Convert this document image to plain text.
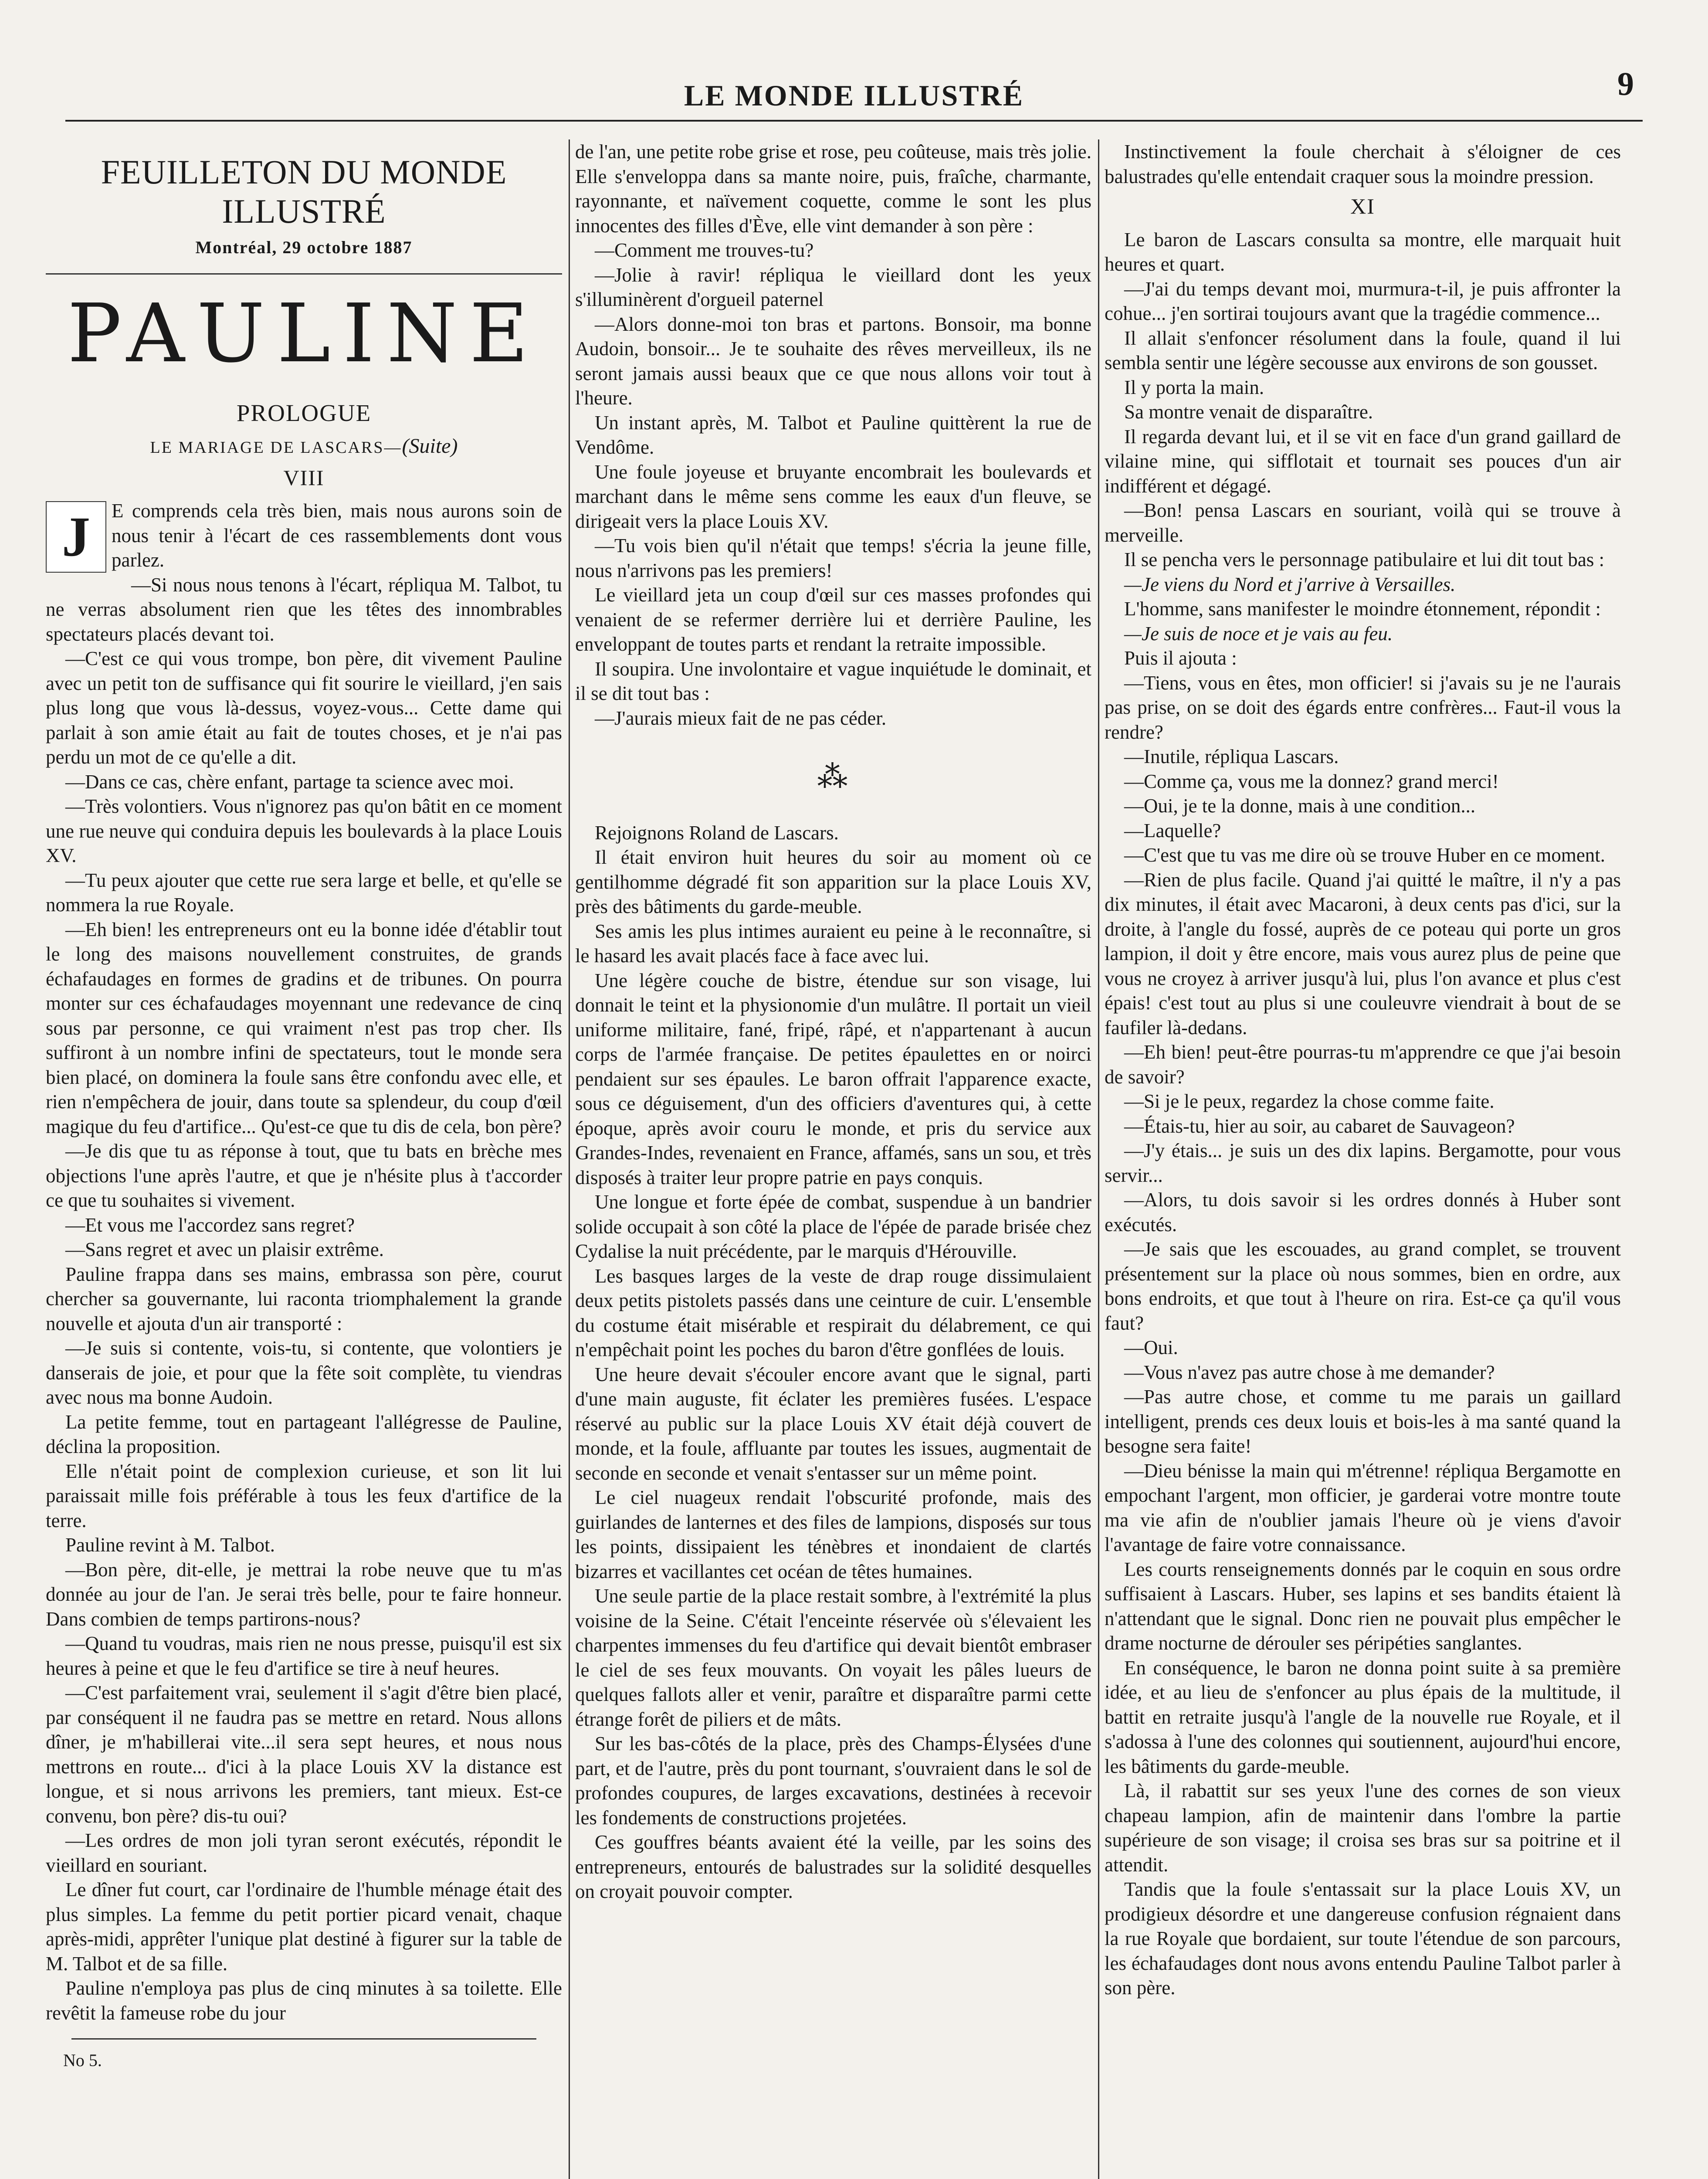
LE MONDE ILLUSTRÉ	9
FEUILLETON DU MONDE ILLUSTRÉ
Montréal, 29 octobre 1887
PAULINE
PROLOGUE
LE MARIAGE DE LASCARS—(Suite)
VIII
J	E comprends cela très bien, mais nous aurons soin de nous tenir à l'écart de ces rassemblements dont vous parlez.

—Si nous nous tenons à l'écart, répliqua M. Talbot, tu ne verras absolument rien que les têtes des innombrables spectateurs placés devant toi.

—C'est ce qui vous trompe, bon père, dit vivement Pauline avec un petit ton de suffisance qui fit sourire le vieillard, j'en sais plus long que vous là-dessus, voyez-vous... Cette dame qui parlait à son amie était au fait de toutes choses, et je n'ai pas perdu un mot de ce qu'elle a dit.

—Dans ce cas, chère enfant, partage ta science avec moi.

—Très volontiers. Vous n'ignorez pas qu'on bâtit en ce moment une rue neuve qui conduira depuis les boulevards à la place Louis XV.

—Tu peux ajouter que cette rue sera large et belle, et qu'elle se nommera la rue Royale.

—Eh bien! les entrepreneurs ont eu la bonne idée d'établir tout le long des maisons nouvellement construites, de grands échafaudages en formes de gradins et de tribunes. On pourra monter sur ces échafaudages moyennant une redevance de cinq sous par personne, ce qui vraiment n'est pas trop cher. Ils suffiront à un nombre infini de spectateurs, tout le monde sera bien placé, on dominera la foule sans être confondu avec elle, et rien n'empêchera de jouir, dans toute sa splendeur, du coup d'œil magique du feu d'artifice... Qu'est-ce que tu dis de cela, bon père?

—Je dis que tu as réponse à tout, que tu bats en brèche mes objections l'une après l'autre, et que je n'hésite plus à t'accorder ce que tu souhaites si vivement.

—Et vous me l'accordez sans regret?

—Sans regret et avec un plaisir extrême.

Pauline frappa dans ses mains, embrassa son père, courut chercher sa gouvernante, lui raconta triomphalement la grande nouvelle et ajouta d'un air transporté :

—Je suis si contente, vois-tu, si contente, que volontiers je danserais de joie, et pour que la fête soit complète, tu viendras avec nous ma bonne Audoin.

La petite femme, tout en partageant l'allégresse de Pauline, déclina la proposition.

Elle n'était point de complexion curieuse, et son lit lui paraissait mille fois préférable à tous les feux d'artifice de la terre.

Pauline revint à M. Talbot.

—Bon père, dit-elle, je mettrai la robe neuve que tu m'as donnée au jour de l'an. Je serai très belle, pour te faire honneur. Dans combien de temps partirons-nous?

—Quand tu voudras, mais rien ne nous presse, puisqu'il est six heures à peine et que le feu d'artifice se tire à neuf heures.

—C'est parfaitement vrai, seulement il s'agit d'être bien placé, par conséquent il ne faudra pas se mettre en retard. Nous allons dîner, je m'habillerai vite...il sera sept heures, et nous nous mettrons en route... d'ici à la place Louis XV la distance est longue, et si nous arrivons les premiers, tant mieux. Est-ce convenu, bon père? dis-tu oui?

—Les ordres de mon joli tyran seront exécutés, répondit le vieillard en souriant.

Le dîner fut court, car l'ordinaire de l'humble ménage était des plus simples. La femme du petit portier picard venait, chaque après-midi, apprêter l'unique plat destiné à figurer sur la table de M. Talbot et de sa fille.

Pauline n'employa pas plus de cinq minutes à sa toilette. Elle revêtit la fameuse robe du jour

No 5.

de l'an, une petite robe grise et rose, peu coûteuse, mais très jolie. Elle s'enveloppa dans sa mante noire, puis, fraîche, charmante, rayonnante, et naïvement coquette, comme le sont les plus innocentes des filles d'Ève, elle vint demander à son père :

—Comment me trouves-tu?

—Jolie à ravir! répliqua le vieillard dont les yeux s'illuminèrent d'orgueil paternel

—Alors donne-moi ton bras et partons. Bonsoir, ma bonne Audoin, bonsoir... Je te souhaite des rêves merveilleux, ils ne seront jamais aussi beaux que ce que nous allons voir tout à l'heure.

Un instant après, M. Talbot et Pauline quittèrent la rue de Vendôme.

Une foule joyeuse et bruyante encombrait les boulevards et marchant dans le même sens comme les eaux d'un fleuve, se dirigeait vers la place Louis XV.

—Tu vois bien qu'il n'était que temps! s'écria la jeune fille, nous n'arrivons pas les premiers!

Le vieillard jeta un coup d'œil sur ces masses profondes qui venaient de se refermer derrière lui et derrière Pauline, les enveloppant de toutes parts et rendant la retraite impossible.

Il soupira. Une involontaire et vague inquiétude le dominait, et il se dit tout bas :

—J'aurais mieux fait de ne pas céder.

⁂

Rejoignons Roland de Lascars.

Il était environ huit heures du soir au moment où ce gentilhomme dégradé fit son apparition sur la place Louis XV, près des bâtiments du garde-meuble.

Ses amis les plus intimes auraient eu peine à le reconnaître, si le hasard les avait placés face à face avec lui.

Une légère couche de bistre, étendue sur son visage, lui donnait le teint et la physionomie d'un mulâtre. Il portait un vieil uniforme militaire, fané, fripé, râpé, et n'appartenant à aucun corps de l'armée française. De petites épaulettes en or noirci pendaient sur ses épaules. Le baron offrait l'apparence exacte, sous ce déguisement, d'un des officiers d'aventures qui, à cette époque, après avoir couru le monde, et pris du service aux Grandes-Indes, revenaient en France, affamés, sans un sou, et très disposés à traiter leur propre patrie en pays conquis.

Une longue et forte épée de combat, suspendue à un bandrier solide occupait à son côté la place de l'épée de parade brisée chez Cydalise la nuit précédente, par le marquis d'Hérouville.

Les basques larges de la veste de drap rouge dissimulaient deux petits pistolets passés dans une ceinture de cuir. L'ensemble du costume était misérable et respirait du délabrement, ce qui n'empêchait point les poches du baron d'être gonflées de louis.

Une heure devait s'écouler encore avant que le signal, parti d'une main auguste, fit éclater les premières fusées. L'espace réservé au public sur la place Louis XV était déjà couvert de monde, et la foule, affluante par toutes les issues, augmentait de seconde en seconde et venait s'entasser sur un même point.

Le ciel nuageux rendait l'obscurité profonde, mais des guirlandes de lanternes et des files de lampions, disposés sur tous les points, dissipaient les ténèbres et inondaient de clartés bizarres et vacillantes cet océan de têtes humaines.

Une seule partie de la place restait sombre, à l'extrémité la plus voisine de la Seine. C'était l'enceinte réservée où s'élevaient les charpentes immenses du feu d'artifice qui devait bientôt embraser le ciel de ses feux mouvants. On voyait les pâles lueurs de quelques fallots aller et venir, paraître et disparaître parmi cette étrange forêt de piliers et de mâts.

Sur les bas-côtés de la place, près des Champs-Élysées d'une part, et de l'autre, près du pont tournant, s'ouvraient dans le sol de profondes coupures, de larges excavations, destinées à recevoir les fondements de constructions projetées.

Ces gouffres béants avaient été la veille, par les soins des entrepreneurs, entourés de balustrades sur la solidité desquelles on croyait pouvoir compter.

Instinctivement la foule cherchait à s'éloigner de ces balustrades qu'elle entendait craquer sous la moindre pression.

XI

Le baron de Lascars consulta sa montre, elle marquait huit heures et quart.

—J'ai du temps devant moi, murmura-t-il, je puis affronter la cohue... j'en sortirai toujours avant que la tragédie commence...

Il allait s'enfoncer résolument dans la foule, quand il lui sembla sentir une légère secousse aux environs de son gousset.

Il y porta la main.

Sa montre venait de disparaître.

Il regarda devant lui, et il se vit en face d'un grand gaillard de vilaine mine, qui sifflotait et tournait ses pouces d'un air indifférent et dégagé.

—Bon! pensa Lascars en souriant, voilà qui se trouve à merveille.

Il se pencha vers le personnage patibulaire et lui dit tout bas :

—Je viens du Nord et j'arrive à Versailles.

L'homme, sans manifester le moindre étonnement, répondit :

—Je suis de noce et je vais au feu.

Puis il ajouta :

—Tiens, vous en êtes, mon officier! si j'avais su je ne l'aurais pas prise, on se doit des égards entre confrères... Faut-il vous la rendre?

—Inutile, répliqua Lascars.

—Comme ça, vous me la donnez? grand merci!

—Oui, je te la donne, mais à une condition...

—Laquelle?

—C'est que tu vas me dire où se trouve Huber en ce moment.

—Rien de plus facile. Quand j'ai quitté le maître, il n'y a pas dix minutes, il était avec Macaroni, à deux cents pas d'ici, sur la droite, à l'angle du fossé, auprès de ce poteau qui porte un gros lampion, il doit y être encore, mais vous aurez plus de peine que vous ne croyez à arriver jusqu'à lui, plus l'on avance et plus c'est épais! c'est tout au plus si une couleuvre viendrait à bout de se faufiler là-dedans.

—Eh bien! peut-être pourras-tu m'apprendre ce que j'ai besoin de savoir?

—Si je le peux, regardez la chose comme faite.

—Étais-tu, hier au soir, au cabaret de Sauvageon?

—J'y étais... je suis un des dix lapins. Bergamotte, pour vous servir...

—Alors, tu dois savoir si les ordres donnés à Huber sont exécutés.

—Je sais que les escouades, au grand complet, se trouvent présentement sur la place où nous sommes, bien en ordre, aux bons endroits, et que tout à l'heure on rira. Est-ce ça qu'il vous faut?

—Oui.

—Vous n'avez pas autre chose à me demander?

—Pas autre chose, et comme tu me parais un gaillard intelligent, prends ces deux louis et bois-les à ma santé quand la besogne sera faite!

—Dieu bénisse la main qui m'étrenne! répliqua Bergamotte en empochant l'argent, mon officier, je garderai votre montre toute ma vie afin de n'oublier jamais l'heure où je viens d'avoir l'avantage de faire votre connaissance.

Les courts renseignements donnés par le coquin en sous ordre suffisaient à Lascars. Huber, ses lapins et ses bandits étaient là n'attendant que le signal. Donc rien ne pouvait plus empêcher le drame nocturne de dérouler ses péripéties sanglantes.

En conséquence, le baron ne donna point suite à sa première idée, et au lieu de s'enfoncer au plus épais de la multitude, il battit en retraite jusqu'à l'angle de la nouvelle rue Royale, et il s'adossa à l'une des colonnes qui soutiennent, aujourd'hui encore, les bâtiments du garde-meuble.

Là, il rabattit sur ses yeux l'une des cornes de son vieux chapeau lampion, afin de maintenir dans l'ombre la partie supérieure de son visage; il croisa ses bras sur sa poitrine et il attendit.

Tandis que la foule s'entassait sur la place Louis XV, un prodigieux désordre et une dangereuse confusion régnaient dans la rue Royale que bordaient, sur toute l'étendue de son parcours, les échafaudages dont nous avons entendu Pauline Talbot parler à son père.
